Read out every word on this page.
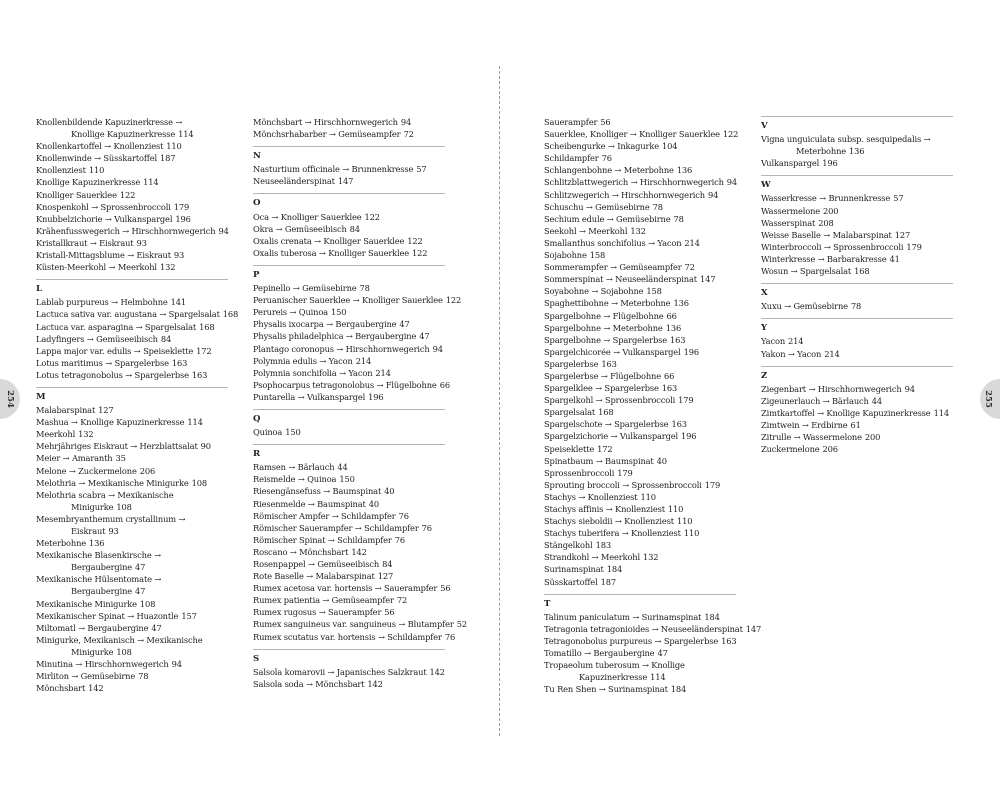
254	255
Knollenbildende Kapuzinerkresse →
Knollige Kapuzinerkresse 114
Knollenkartoffel → Knollenziest 110
Knollenwinde → Süsskartoffel 187
Knollenziest 110
Knollige Kapuzinerkresse 114
Knolliger Sauerklee 122
Knospenkohl → Sprossenbroccoli 179
Knubbelzichorie → Vulkanspargel 196
Krähenfusswegerich → Hirschhornwegerich 94
Kristallkraut → Eiskraut 93
Kristall-Mittagsblume → Eiskraut 93
Küsten-Meerkohl → Meerkohl 132
L
Lablab purpureus → Helmbohne 141
Lactuca sativa var. augustana → Spargelsalat 168
Lactuca var. asparagina → Spargelsalat 168
Ladyfingers → Gemüseeibisch 84
Lappa major var. edulis → Speiseklette 172
Lotus maritimus → Spargelerbse 163
Lotus tetragonobolus → Spargelerbse 163
M
Malabarspinat 127
Mashua → Knollige Kapuzinerkresse 114
Meerkohl 132
Mehrjähriges Eiskraut → Herzblattsalat 90
Meier → Amaranth 35
Melone → Zuckermelone 206
Melothria → Mexikanische Minigurke 108
Melothria scabra → Mexikanische
Minigurke 108
Mesembryanthemum crystallinum →
Eiskraut 93
Meterbohne 136
Mexikanische Blasenkirsche →
Bergaubergine 47
Mexikanische Hülsentomate →
Bergaubergine 47
Mexikanische Minigurke 108
Mexikanischer Spinat → Huazontle 157
Miltomatl → Bergaubergine 47
Minigurke, Mexikanisch → Mexikanische
Minigurke 108
Minutina → Hirschhornwegerich 94
Mirliton → Gemüsebirne 78
Mönchsbart 142
Mönchsbart → Hirschhornwegerich 94
Mönchsrhabarber → Gemüseampfer 72
N
Nasturtium officinale → Brunnenkresse 57
Neuseeländerspinat 147
O
Oca → Knolliger Sauerklee 122
Okra → Gemüseeibisch 84
Oxalis crenata → Knolliger Sauerklee 122
Oxalis tuberosa → Knolliger Sauerklee 122
P
Pepinello → Gemüsebirne 78
Peruanischer Sauerklee → Knolliger Sauerklee 122
Perureis → Quinoa 150
Physalis ixocarpa → Bergaubergine 47
Physalis philadelphica → Bergaubergine 47
Plantago coronopus → Hirschhornwegerich 94
Polymnia edulis → Yacon 214
Polymnia sonchifolia → Yacon 214
Psophocarpus tetragonolobus → Flügelbohne 66
Puntarella → Vulkanspargel 196
Q
Quinoa 150
R
Ramsen → Bärlauch 44
Reismelde → Quinoa 150
Riesengänsefuss → Baumspinat 40
Riesenmelde → Baumspinat 40
Römischer Ampfer → Schildampfer 76
Römischer Sauerampfer → Schildampfer 76
Römischer Spinat → Schildampfer 76
Roscano → Mönchsbart 142
Rosenpappel → Gemüseeibisch 84
Rote Baselle → Malabarspinat 127
Rumex acetosa var. hortensis → Sauerampfer 56
Rumex patientia → Gemüseampfer 72
Rumex rugosus → Sauerampfer 56
Rumex sanguineus var. sanguineus → Blutampfer 52
Rumex scutatus var. hortensis → Schildampfer 76
S
Salsola komarovii → Japanisches Salzkraut 142
Salsola soda → Mönchsbart 142
Sauerampfer 56
Sauerklee, Knolliger → Knolliger Sauerklee 122
Scheibengurke → Inkagurke 104
Schildampfer 76
Schlangenbohne → Meterbohne 136
Schlitzblattwegerich → Hirschhornwegerich 94
Schlitzwegerich → Hirschhornwegerich 94
Schuschu → Gemüsebirne 78
Sechium edule → Gemüsebirne 78
Seekohl → Meerkohl 132
Smallanthus sonchifolius → Yacon 214
Sojabohne 158
Sommerampfer → Gemüseampfer 72
Sommerspinat → Neuseeländerspinat 147
Soyabohne → Sojabohne 158
Spaghettibohne → Meterbohne 136
Spargelbohne → Flügelbohne 66
Spargelbohne → Meterbohne 136
Spargelbohne → Spargelerbse 163
Spargelchicorée → Vulkanspargel 196
Spargelerbse 163
Spargelerbse → Flügelbohne 66
Spargelklee → Spargelerbse 163
Spargelkohl → Sprossenbroccoli 179
Spargelsalat 168
Spargelschote → Spargelerbse 163
Spargelzichorie → Vulkanspargel 196
Speiseklette 172
Spinatbaum → Baumspinat 40
Sprossenbroccoli 179
Sprouting broccoli → Sprossenbroccoli 179
Stachys → Knollenziest 110
Stachys affinis → Knollenziest 110
Stachys sieboldii → Knollenziest 110
Stachys tuberifera → Knollenziest 110
Stängelkohl 183
Strandkohl → Meerkohl 132
Surinamspinat 184
Süsskartoffel 187
T
Talinum paniculatum → Surinamspinat 184
Tetragonia tetragonioides → Neuseeländerspinat 147
Tetragonobolus purpureus → Spargelerbse 163
Tomatillo → Bergaubergine 47
Tropaeolum tuberosum → Knollige
Kapuzinerkresse 114
Tu Ren Shen → Surinamspinat 184
V
Vigna unguiculata subsp. sesquipedalis →
Meterbohne 136
Vulkanspargel 196
W
Wasserkresse → Brunnenkresse 57
Wassermelone 200
Wasserspinat 208
Weisse Baselle → Malabarspinat 127
Winterbroccoli → Sprossenbroccoli 179
Winterkresse → Barbarakresse 41
Wosun → Spargelsalat 168
X
Xuxu → Gemüsebirne 78
Y
Yacon 214
Yakon → Yacon 214
Z
Ziegenbart → Hirschhornwegerich 94
Zigeunerlauch → Bärlauch 44
Zimtkartoffel → Knollige Kapuzinerkresse 114
Zimtwein → Erdbirne 61
Zitrulle → Wassermelone 200
Zuckermelone 206
